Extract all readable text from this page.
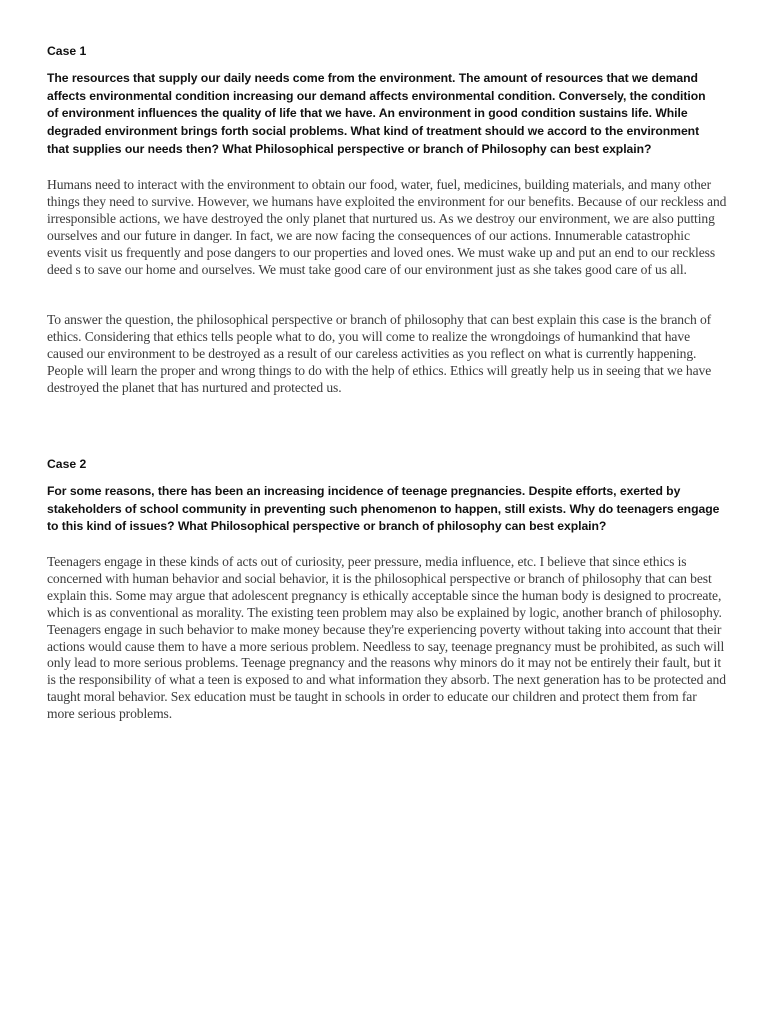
Case 1

The resources that supply our daily needs come from the environment. The amount of resources that we demand affects environmental condition increasing our demand affects environmental condition. Conversely, the condition of environment influences the quality of life that we have. An environment in good condition sustains life. While degraded environment brings forth social problems. What kind of treatment should we accord to the environment that supplies our needs then? What Philosophical perspective or branch of Philosophy can best explain?

Humans need to interact with the environment to obtain our food, water, fuel, medicines, building materials, and many other things they need to survive. However, we humans have exploited the environment for our benefits. Because of our reckless and irresponsible actions, we have destroyed the only planet that nurtured us. As we destroy our environment, we are also putting ourselves and our future in danger. In fact, we are now facing the consequences of our actions. Innumerable catastrophic events visit us frequently and pose dangers to our properties and loved ones. We must wake up and put an end to our reckless deed s to save our home and ourselves. We must take good care of our environment just as she takes good care of us all.

To answer the question, the philosophical perspective or branch of philosophy that can best explain this case is the branch of ethics. Considering that ethics tells people what to do, you will come to realize the wrongdoings of humankind that have caused our environment to be destroyed as a result of our careless activities as you reflect on what is currently happening. People will learn the proper and wrong things to do with the help of ethics. Ethics will greatly help us in seeing that we have destroyed the planet that has nurtured and protected us.

Case 2

For some reasons, there has been an increasing incidence of teenage pregnancies. Despite efforts, exerted by stakeholders of school community in preventing such phenomenon to happen, still exists. Why do teenagers engage to this kind of issues? What Philosophical perspective or branch of philosophy can best explain?

Teenagers engage in these kinds of acts out of curiosity, peer pressure, media influence, etc. I believe that since ethics is concerned with human behavior and social behavior, it is the philosophical perspective or branch of philosophy that can best explain this. Some may argue that adolescent pregnancy is ethically acceptable since the human body is designed to procreate, which is as conventional as morality. The existing teen problem may also be explained by logic, another branch of philosophy. Teenagers engage in such behavior to make money because they're experiencing poverty without taking into account that their actions would cause them to have a more serious problem. Needless to say, teenage pregnancy must be prohibited, as such will only lead to more serious problems. Teenage pregnancy and the reasons why minors do it may not be entirely their fault, but it is the responsibility of what a teen is exposed to and what information they absorb. The next generation has to be protected and taught moral behavior. Sex education must be taught in schools in order to educate our children and protect them from far more serious problems.
